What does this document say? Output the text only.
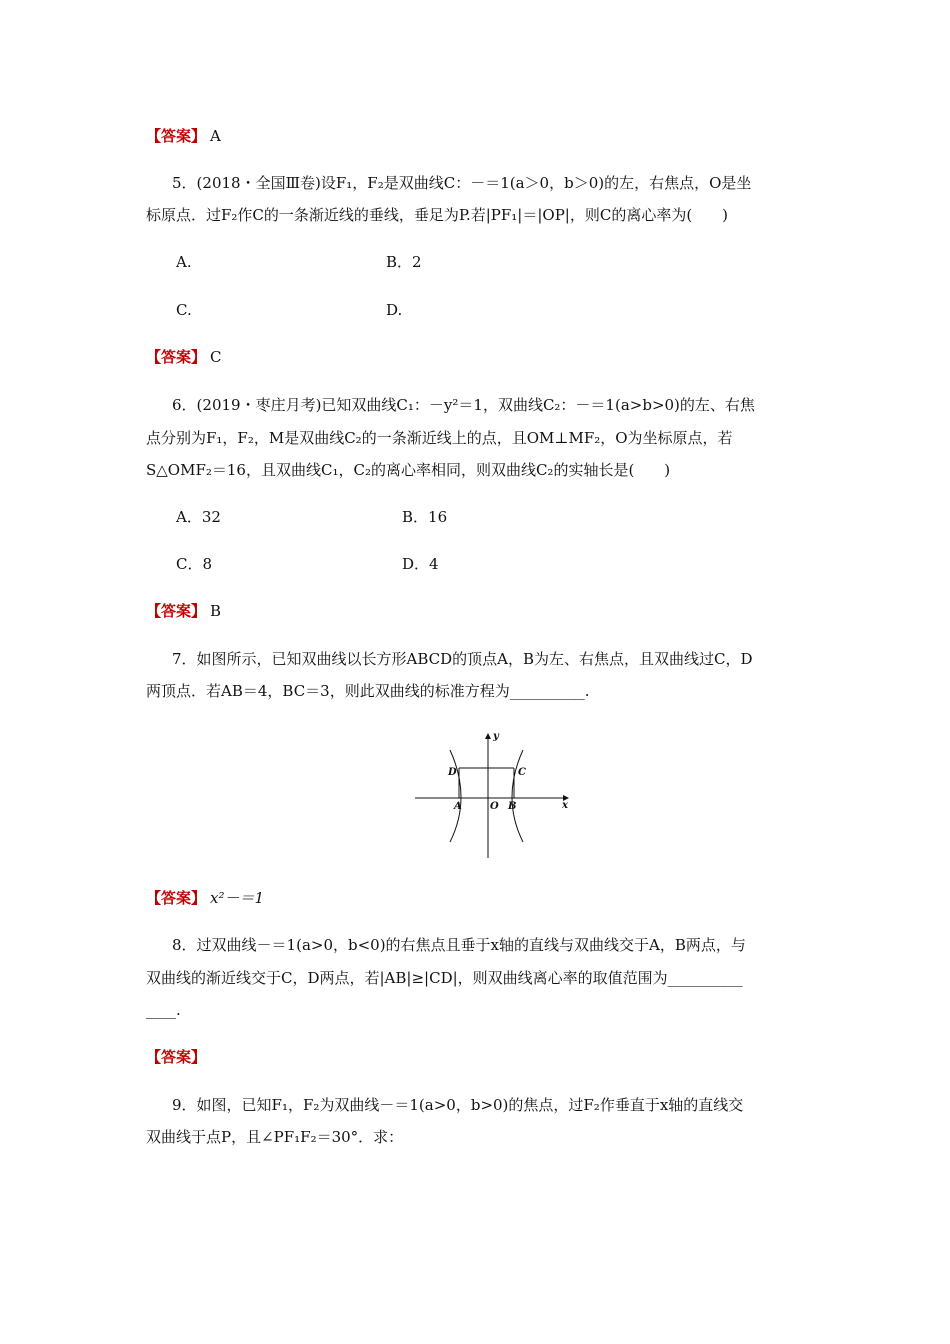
【答案】 A
5．(2018・全国Ⅲ卷)设F₁，F₂是双曲线C：－＝1(a＞0，b＞0)的左，右焦点，O是坐
标原点．过F₂作C的一条渐近线的垂线，垂足为P.若|PF₁|＝|OP|，则C的离心率为(　　)
A.	B．2
C.	D.
【答案】 C
6．(2019・枣庄月考)已知双曲线C₁：－y²＝1，双曲线C₂：－＝1(a>b>0)的左、右焦
点分别为F₁，F₂，M是双曲线C₂的一条渐近线上的点，且OM⊥MF₂，O为坐标原点，若
S△OMF₂＝16，且双曲线C₁，C₂的离心率相同，则双曲线C₂的实轴长是(　　)
A．32	B．16
C．8	D．4
【答案】 B
7．如图所示，已知双曲线以长方形ABCD的顶点A，B为左、右焦点，且双曲线过C，D
两顶点．若AB＝4，BC＝3，则此双曲线的标准方程为__________.
y
x
D	C
A	O B
【答案】 x²－＝1
8．过双曲线－＝1(a>0，b<0)的右焦点且垂于x轴的直线与双曲线交于A，B两点，与
双曲线的渐近线交于C，D两点，若|AB|≥|CD|，则双曲线离心率的取值范围为__________
____.
【答案】
9．如图，已知F₁，F₂为双曲线－＝1(a>0，b>0)的焦点，过F₂作垂直于x轴的直线交
双曲线于点P，且∠PF₁F₂＝30°．求：
